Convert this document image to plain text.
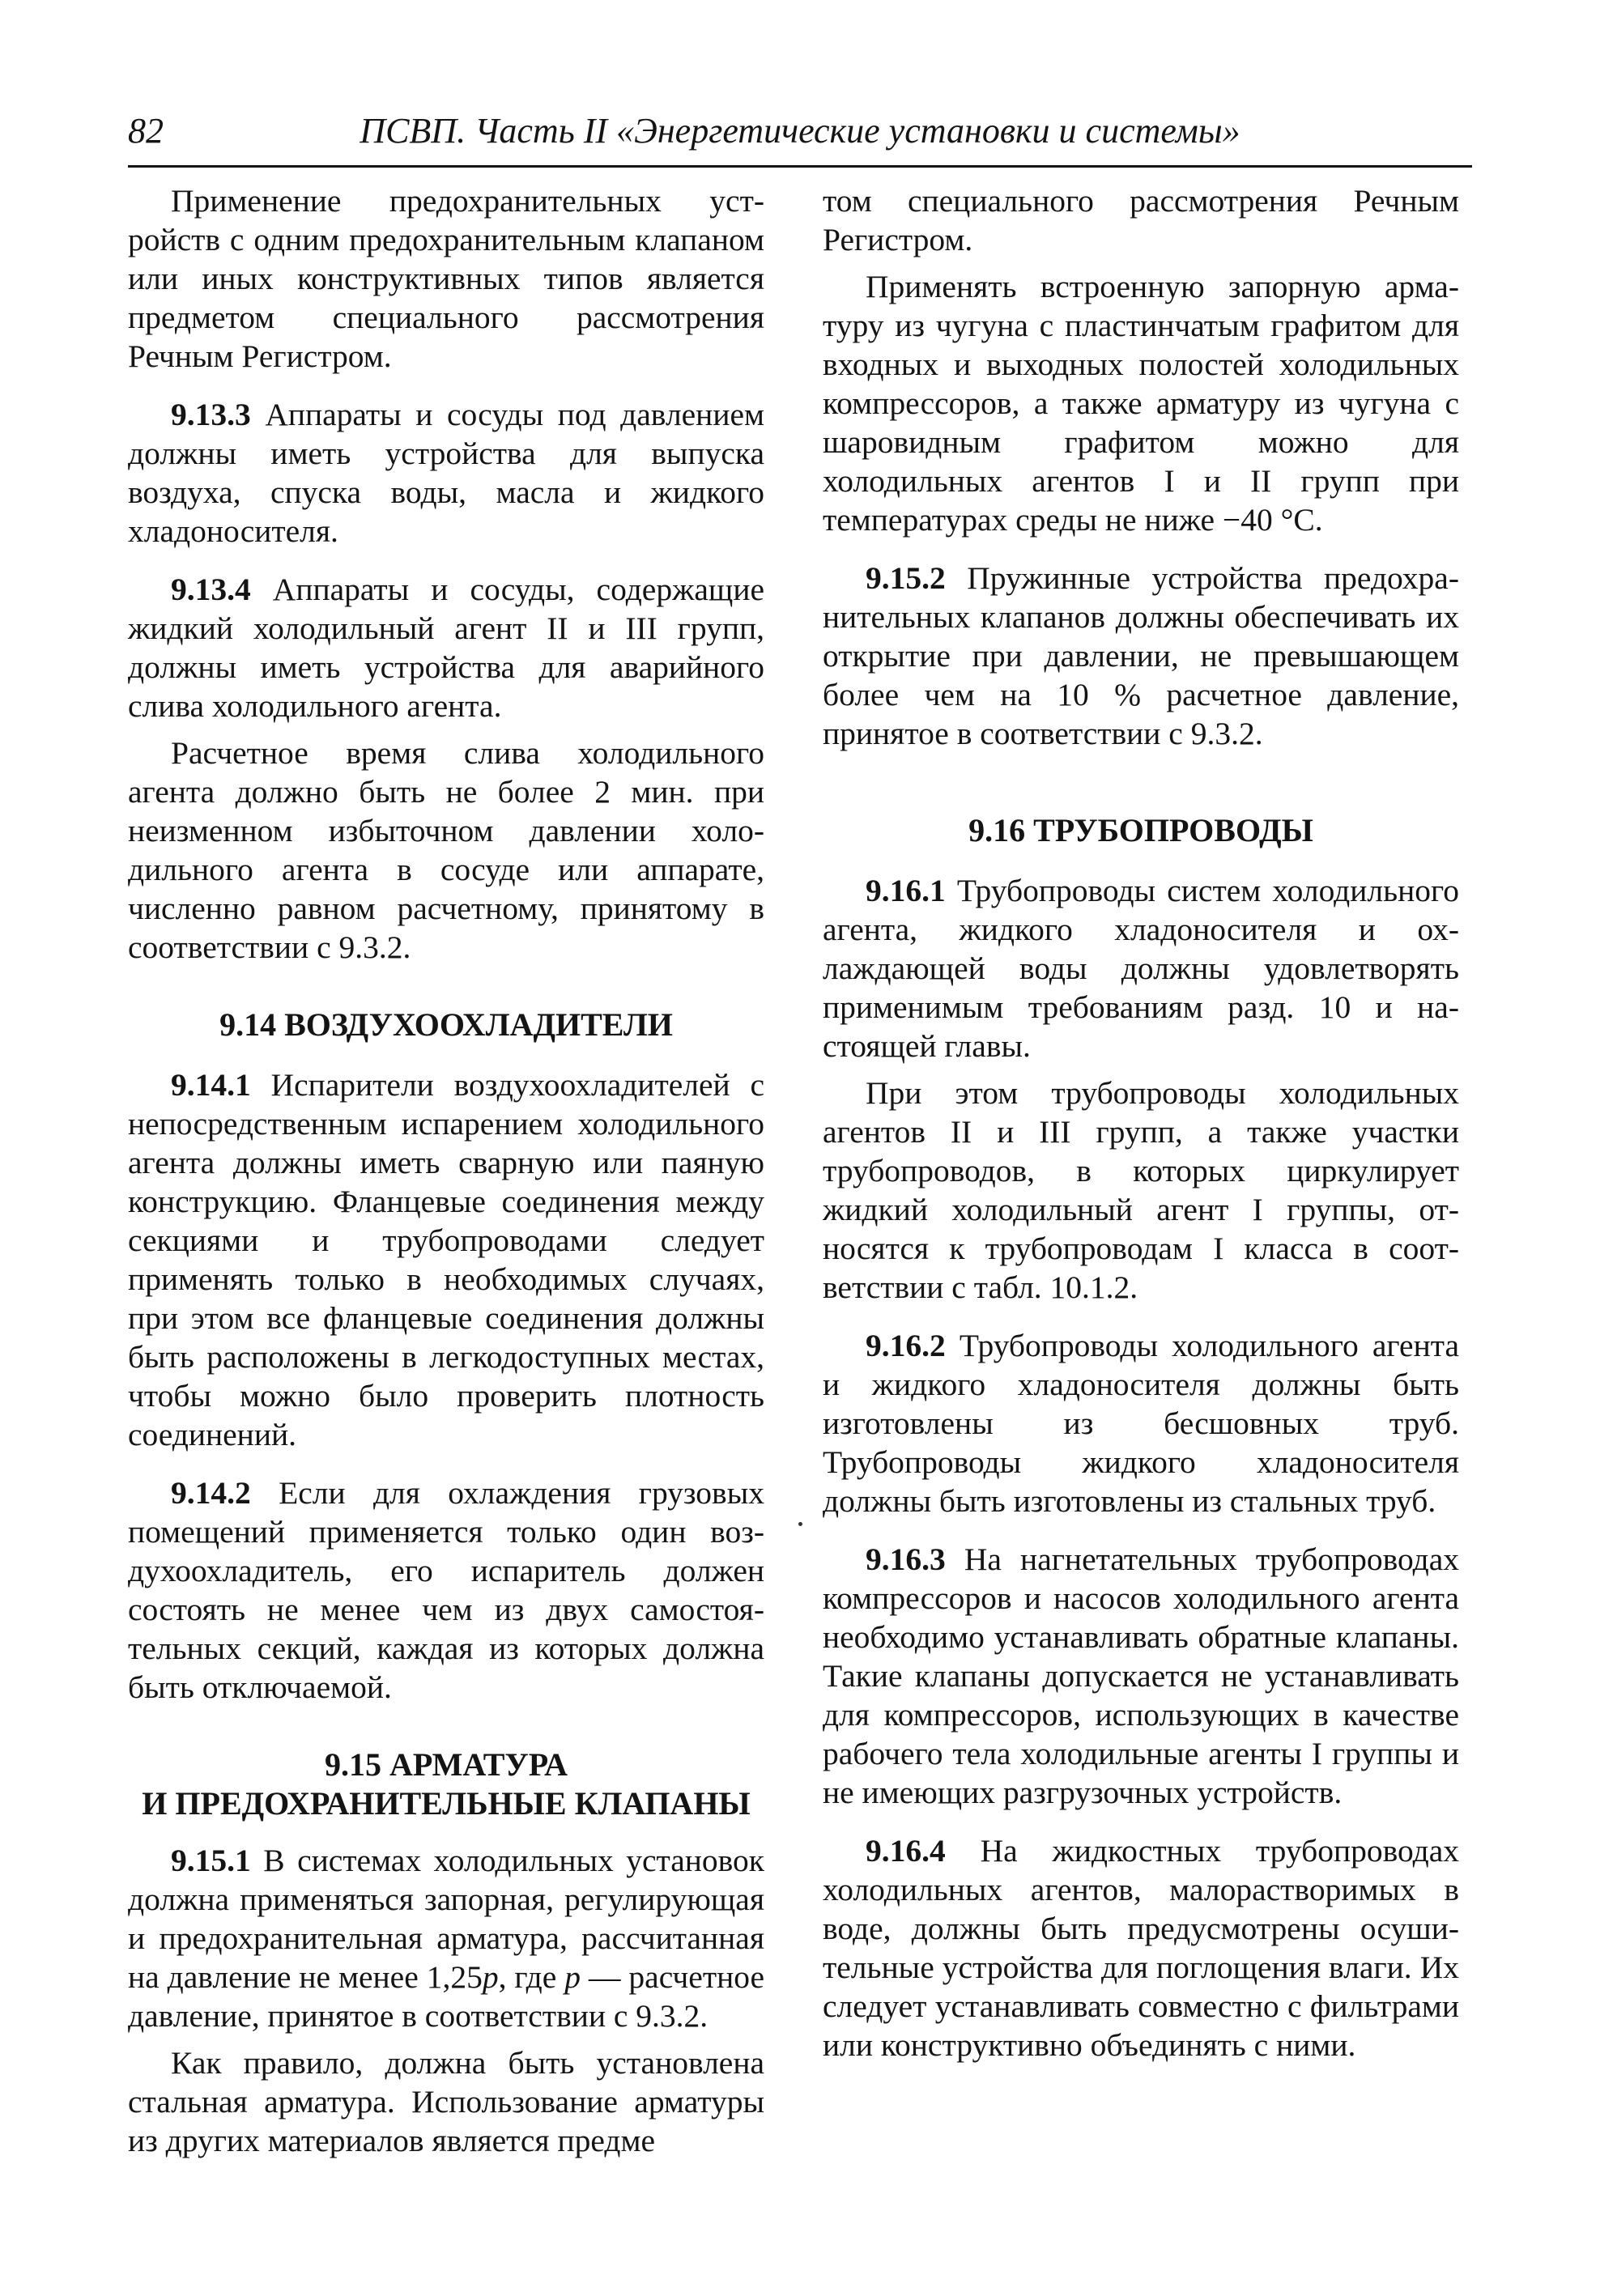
82	ПСВП. Часть II «Энергетические установки и системы»

Применение предохранительных устройств с одним предохранительным клапаном или иных конструктивных типов является предметом специального рассмотрения Речным Регистром.

9.13.3 Аппараты и сосуды под давлением должны иметь устройства для выпуска воздуха, спуска воды, масла и жидкого хладоносителя.

9.13.4 Аппараты и сосуды, содержащие жидкий холодильный агент II и III групп, должны иметь устройства для аварийного слива холодильного агента.

Расчетное время слива холодильного агента должно быть не более 2 мин. при неизменном избыточном давлении холодильного агента в сосуде или аппарате, численно равном расчетному, принятому в соответствии с 9.3.2.

9.14 ВОЗДУХООХЛАДИТЕЛИ

9.14.1 Испарители воздухоохладителей с непосредственным испарением холодильного агента должны иметь сварную или паяную конструкцию. Фланцевые соединения между секциями и трубопроводами следует применять только в необходимых случаях, при этом все фланцевые соединения должны быть расположены в легкодоступных местах, чтобы можно было проверить плотность соединений.

9.14.2 Если для охлаждения грузовых помещений применяется только один воздухоохладитель, его испаритель должен состоять не менее чем из двух самостоятельных секций, каждая из которых должна быть отключаемой.

9.15 АРМАТУРА

И ПРЕДОХРАНИТЕЛЬНЫЕ КЛАПАНЫ

9.15.1 В системах холодильных установок должна применяться запорная, регулирующая и предохранительная арматура, рассчитанная на давление не менее 1,25p, где p — расчетное давление, принятое в соответствии с 9.3.2.

Как правило, должна быть установлена стальная арматура. Использование арматуры из других материалов является предме

том специального рассмотрения Речным Регистром.

Применять встроенную запорную арматуру из чугуна с пластинчатым графитом для входных и выходных полостей холодильных компрессоров, а также арматуру из чугуна с шаровидным графитом можно для холодильных агентов I и II групп при температурах среды не ниже −40 °C.

9.15.2 Пружинные устройства предохранительных клапанов должны обеспечивать их открытие при давлении, не превышающем более чем на 10 % расчетное давление, принятое в соответствии с 9.3.2.

9.16 ТРУБОПРОВОДЫ

9.16.1 Трубопроводы систем холодильного агента, жидкого хладоносителя и охлаждающей воды должны удовлетворять применимым требованиям разд. 10 и настоящей главы.

При этом трубопроводы холодильных агентов II и III групп, а также участки трубопроводов, в которых циркулирует жидкий холодильный агент I группы, относятся к трубопроводам I класса в соответствии с табл. 10.1.2.

9.16.2 Трубопроводы холодильного агента и жидкого хладоносителя должны быть изготовлены из бесшовных труб. Трубопроводы жидкого хладоносителя должны быть изготовлены из стальных труб.

9.16.3 На нагнетательных трубопроводах компрессоров и насосов холодильного агента необходимо устанавливать обратные клапаны. Такие клапаны допускается не устанавливать для компрессоров, использующих в качестве рабочего тела холодильные агенты I группы и не имеющих разгрузочных устройств.

9.16.4 На жидкостных трубопроводах холодильных агентов, малорастворимых в воде, должны быть предусмотрены осушительные устройства для поглощения влаги. Их следует устанавливать совместно с фильтрами или конструктивно объединять с ними.
